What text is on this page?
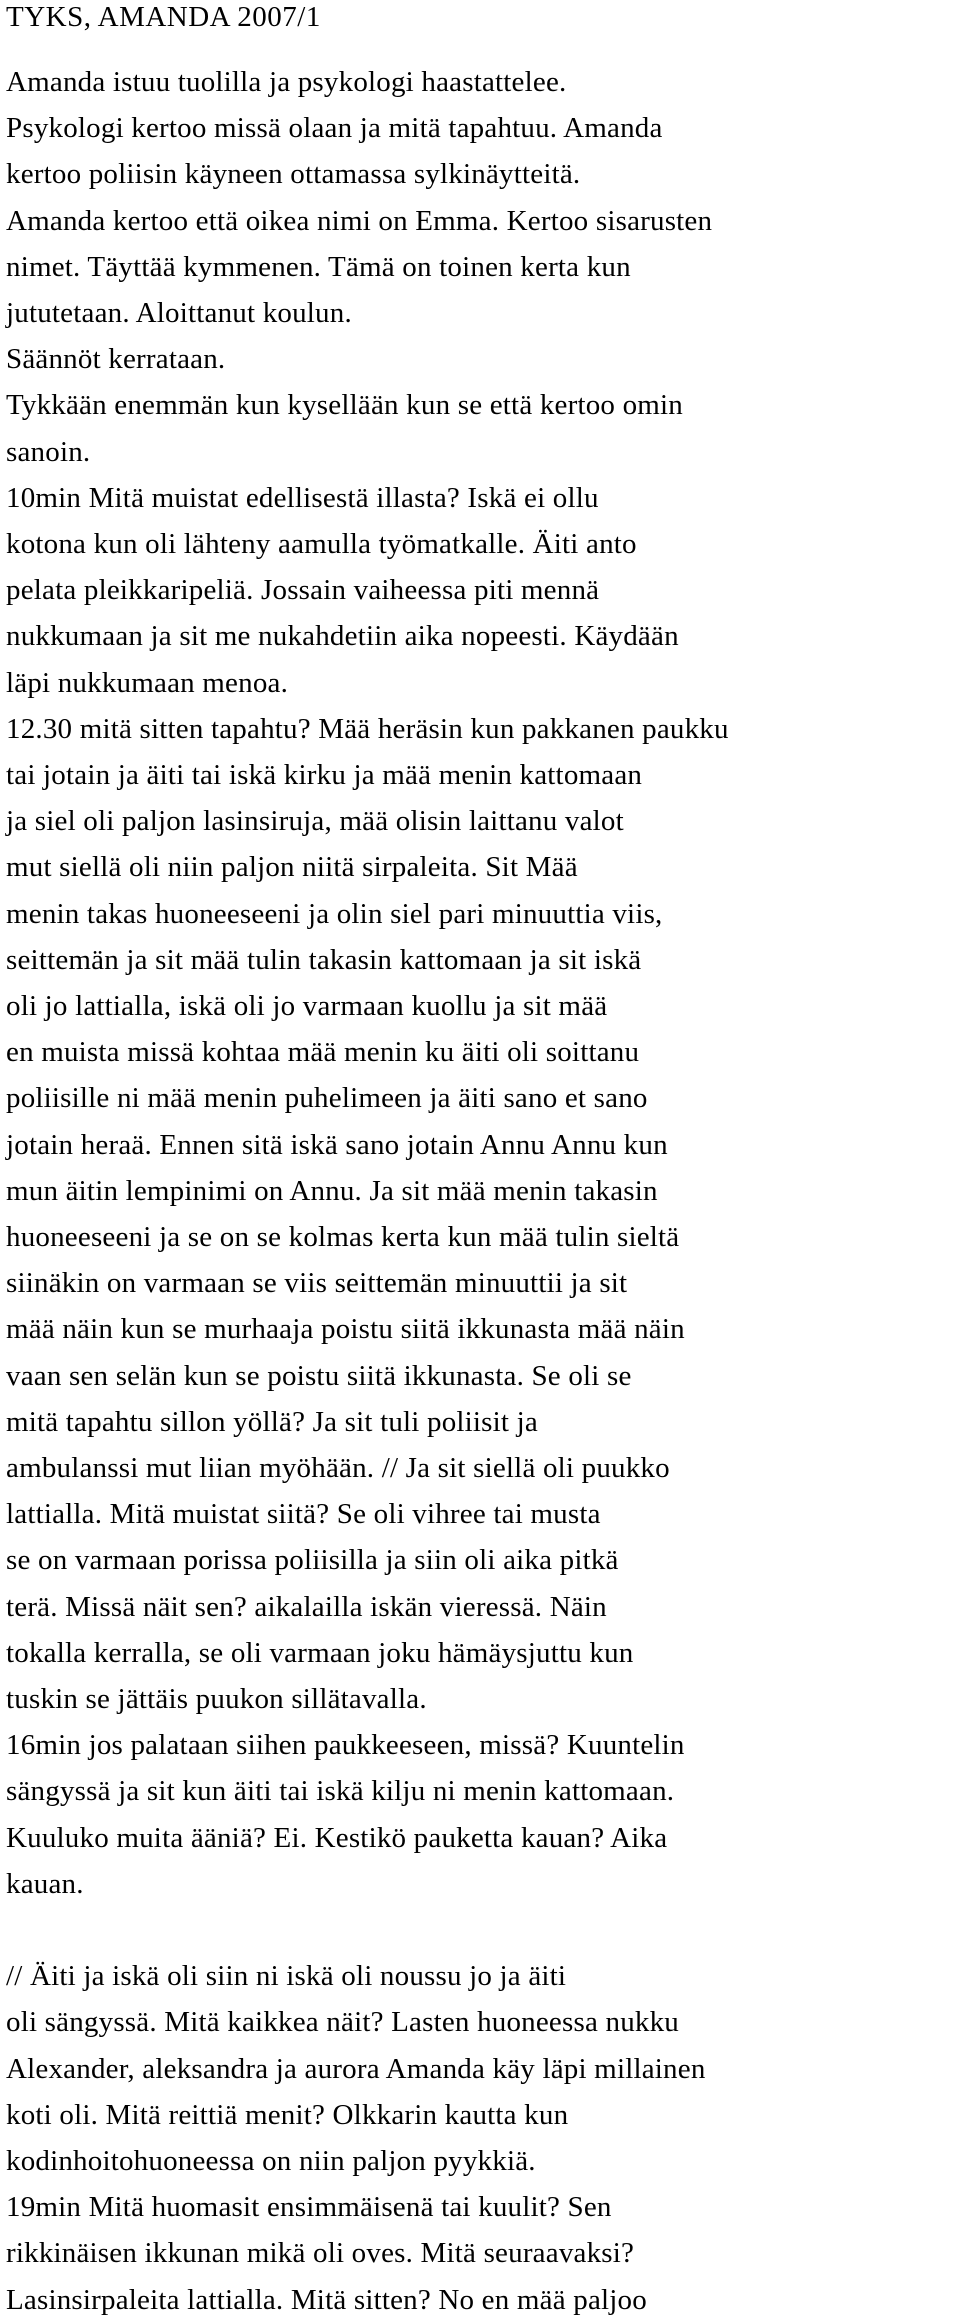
TYKS, AMANDA 2007/1
Amanda istuu tuolilla ja psykologi haastattelee.
Psykologi kertoo missä olaan ja mitä tapahtuu. Amanda
kertoo poliisin käyneen ottamassa sylkinäytteitä.
Amanda kertoo että oikea nimi on Emma. Kertoo sisarusten
nimet. Täyttää kymmenen. Tämä on toinen kerta kun
jututetaan. Aloittanut koulun.
Säännöt kerrataan.
Tykkään enemmän kun kysellään kun se että kertoo omin
sanoin.
10min Mitä muistat edellisestä illasta? Iskä ei ollu
kotona kun oli lähteny aamulla työmatkalle. Äiti anto
pelata pleikkaripeliä. Jossain vaiheessa piti mennä
nukkumaan ja sit me nukahdetiin aika nopeesti. Käydään
läpi nukkumaan menoa.
12.30 mitä sitten tapahtu? Mää heräsin kun pakkanen paukku
tai jotain ja äiti tai iskä kirku ja mää menin kattomaan
ja siel oli paljon lasinsiruja, mää olisin laittanu valot
mut siellä oli niin paljon niitä sirpaleita. Sit Mää
menin takas huoneeseeni ja olin siel pari minuuttia viis,
seittemän ja sit mää tulin takasin kattomaan ja sit iskä
oli jo lattialla, iskä oli jo varmaan kuollu ja sit mää
en muista missä kohtaa mää menin ku äiti oli soittanu
poliisille ni mää menin puhelimeen ja äiti sano et sano
jotain heraä. Ennen sitä iskä sano jotain Annu Annu kun
mun äitin lempinimi on Annu. Ja sit mää menin takasin
huoneeseeni ja se on se kolmas kerta kun mää tulin sieltä
siinäkin on varmaan se viis seittemän minuuttii ja sit
mää näin kun se murhaaja poistu siitä ikkunasta mää näin
vaan sen selän kun se poistu siitä ikkunasta. Se oli se
mitä tapahtu sillon yöllä? Ja sit tuli poliisit ja
ambulanssi mut liian myöhään. // Ja sit siellä oli puukko
lattialla. Mitä muistat siitä? Se oli vihree tai musta
se on varmaan porissa poliisilla ja siin oli aika pitkä
terä. Missä näit sen? aikalailla iskän vieressä. Näin
tokalla kerralla, se oli varmaan joku hämäysjuttu kun
tuskin se jättäis puukon sillätavalla.
16min jos palataan siihen paukkeeseen, missä? Kuuntelin
sängyssä ja sit kun äiti tai iskä kilju ni menin kattomaan.
Kuuluko muita ääniä? Ei. Kestikö pauketta kauan? Aika
kauan.
// Äiti ja iskä oli siin ni iskä oli noussu jo ja äiti
oli sängyssä. Mitä kaikkea näit? Lasten huoneessa nukku
Alexander, aleksandra ja aurora Amanda käy läpi millainen
koti oli. Mitä reittiä menit? Olkkarin kautta kun
kodinhoitohuoneessa on niin paljon pyykkiä.
19min Mitä huomasit ensimmäisenä tai kuulit? Sen
rikkinäisen ikkunan mikä oli oves. Mitä seuraavaksi?
Lasinsirpaleita lattialla. Mitä sitten? No en mää paljoo
